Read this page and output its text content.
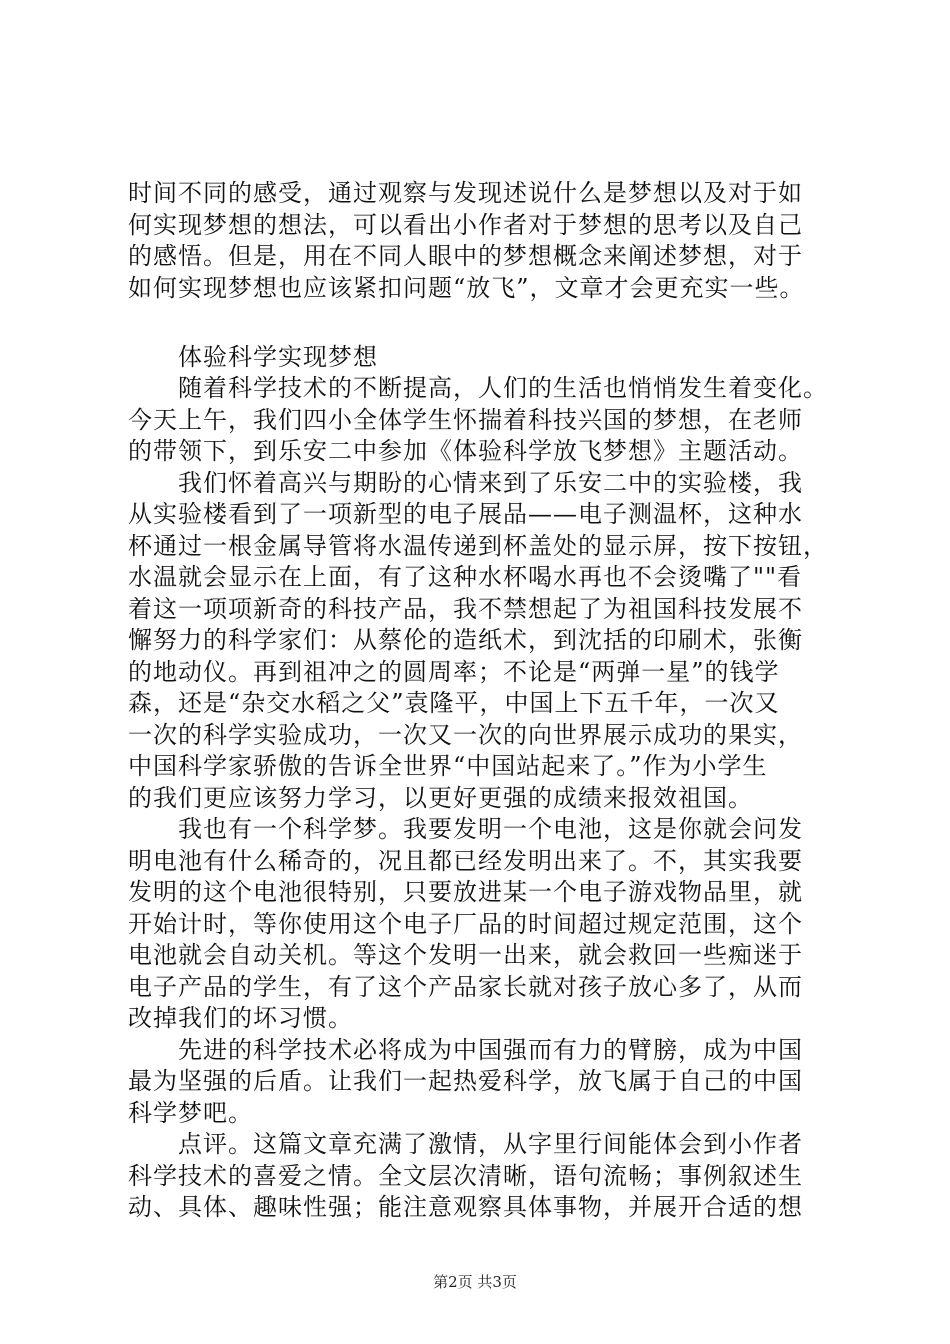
时间不同的感受，通过观察与发现述说什么是梦想以及对于如
何实现梦想的想法，可以看出小作者对于梦想的思考以及自己
的感悟。但是，用在不同人眼中的梦想概念来阐述梦想，对于
如何实现梦想也应该紧扣问题“放飞”，文章才会更充实一些。
　　体验科学实现梦想
　　随着科学技术的不断提高，人们的生活也悄悄发生着变化。
今天上午，我们四小全体学生怀揣着科技兴国的梦想，在老师
的带领下，到乐安二中参加《体验科学放飞梦想》主题活动。
　　我们怀着高兴与期盼的心情来到了乐安二中的实验楼，我
从实验楼看到了一项新型的电子展品——电子测温杯，这种水
杯通过一根金属导管将水温传递到杯盖处的显示屏，按下按钮，
水温就会显示在上面，有了这种水杯喝水再也不会烫嘴了""看
着这一项项新奇的科技产品，我不禁想起了为祖国科技发展不
懈努力的科学家们：从蔡伦的造纸术，到沈括的印刷术，张衡
的地动仪。再到祖冲之的圆周率；不论是“两弹一星”的钱学
森，还是“杂交水稻之父”袁隆平，中国上下五千年，一次又
一次的科学实验成功，一次又一次的向世界展示成功的果实，
中国科学家骄傲的告诉全世界“中国站起来了。”作为小学生
的我们更应该努力学习，以更好更强的成绩来报效祖国。
　　我也有一个科学梦。我要发明一个电池，这是你就会问发
明电池有什么稀奇的，况且都已经发明出来了。不，其实我要
发明的这个电池很特别，只要放进某一个电子游戏物品里，就
开始计时，等你使用这个电子厂品的时间超过规定范围，这个
电池就会自动关机。等这个发明一出来，就会救回一些痴迷于
电子产品的学生，有了这个产品家长就对孩子放心多了，从而
改掉我们的坏习惯。
　　先进的科学技术必将成为中国强而有力的臂膀，成为中国
最为坚强的后盾。让我们一起热爱科学，放飞属于自己的中国
科学梦吧。
　　点评。这篇文章充满了激情，从字里行间能体会到小作者
科学技术的喜爱之情。全文层次清晰，语句流畅；事例叙述生
动、具体、趣味性强；能注意观察具体事物，并展开合适的想
第2页 共3页
